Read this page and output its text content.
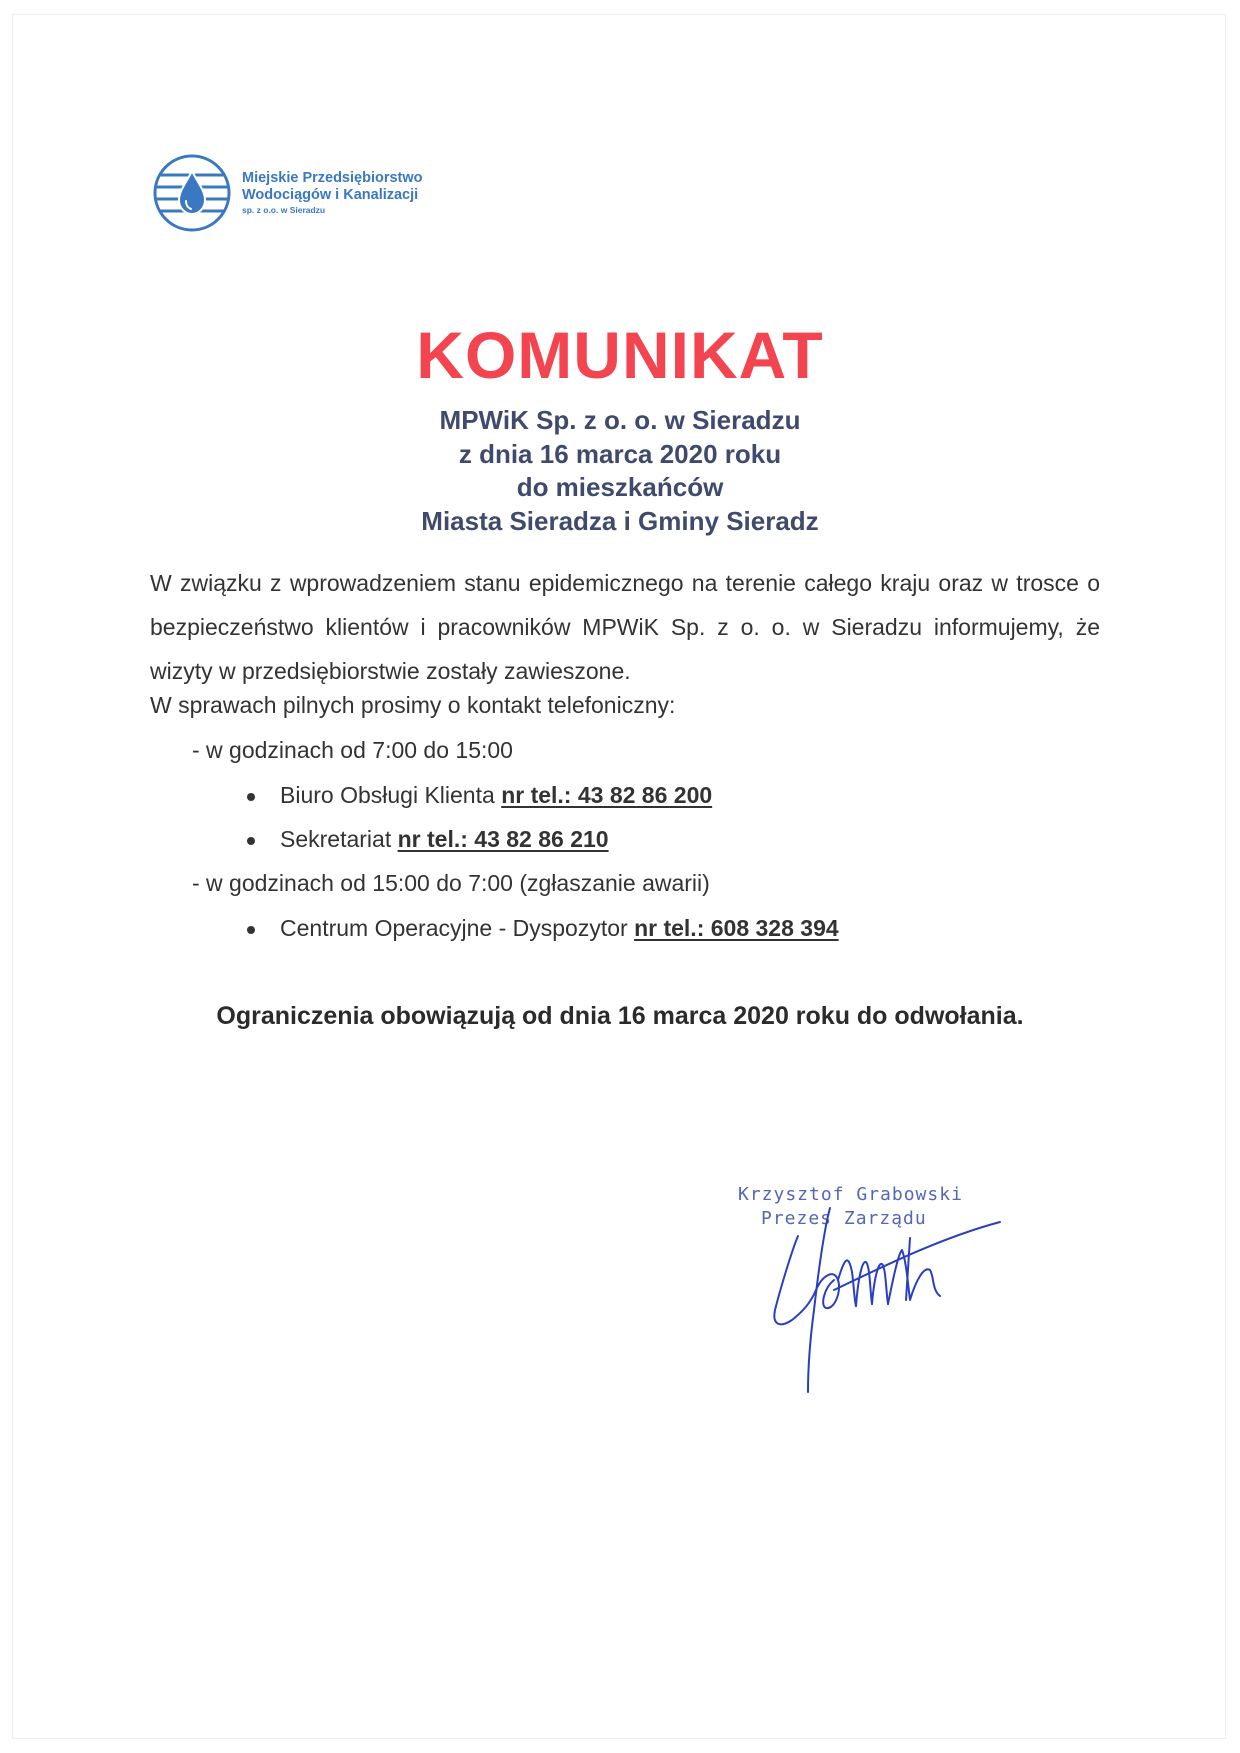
Miejskie Przedsiębiorstwo
Wodociągów i Kanalizacji
sp. z o.o. w Sieradzu
KOMUNIKAT
MPWiK Sp. z o. o. w Sieradzu
z dnia 16 marca 2020 roku
do mieszkańców
Miasta Sieradza i Gminy Sieradz
W związku z wprowadzeniem stanu epidemicznego na terenie całego kraju oraz w trosce o bezpieczeństwo klientów i pracowników MPWiK Sp. z o. o. w Sieradzu informujemy, że wizyty w przedsiębiorstwie zostały zawieszone.
W sprawach pilnych prosimy o kontakt telefoniczny:
- w godzinach od 7:00 do 15:00
Biuro Obsługi Klienta nr tel.: 43 82 86 200
Sekretariat nr tel.: 43 82 86 210
- w godzinach od 15:00 do 7:00 (zgłaszanie awarii)
Centrum Operacyjne - Dyspozytor nr tel.: 608 328 394
Ograniczenia obowiązują od dnia 16 marca 2020 roku do odwołania.
Krzysztof Grabowski
Prezes Zarządu
